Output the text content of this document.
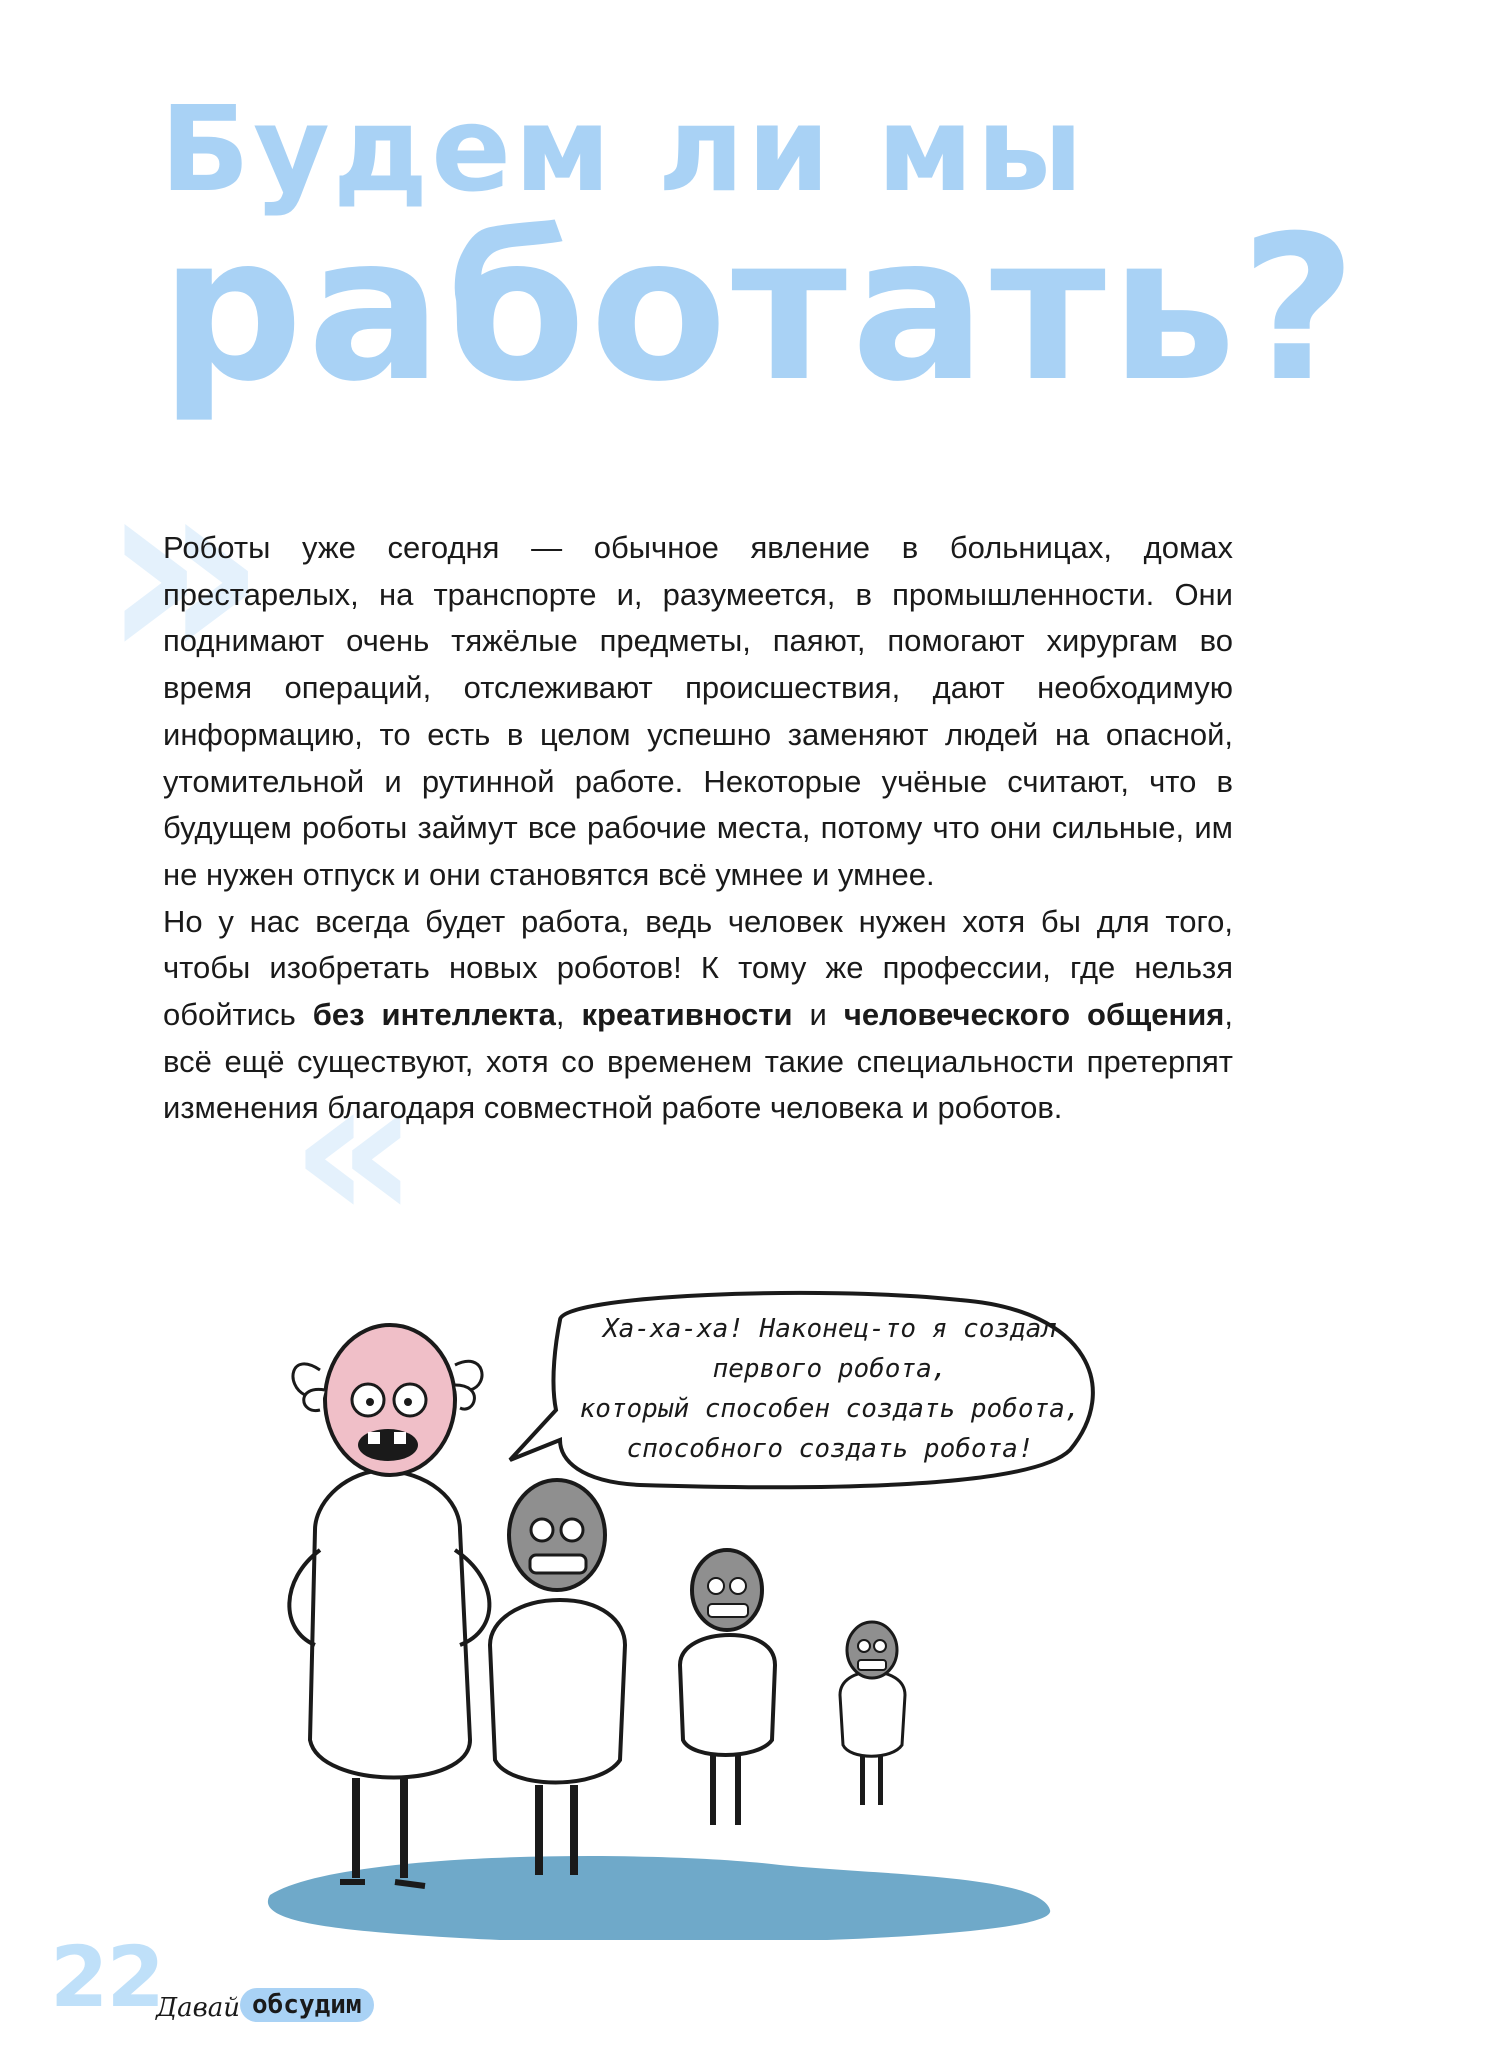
Будем ли мы
работать?
»
«

Роботы уже сегодня — обычное явление в больницах, домах престарелых, на транспорте и, разумеется, в промышленности. Они поднимают очень тяжёлые предметы, паяют, помогают хирургам во время операций, отслеживают происшествия, дают необходимую информацию, то есть в целом успешно заменяют людей на опасной, утомительной и рутинной работе. Некоторые учёные считают, что в будущем роботы займут все рабочие места, потому что они сильные, им не нужен отпуск и они становятся всё умнее и умнее.

Но у нас всегда будет работа, ведь человек нужен хотя бы для того, чтобы изобретать новых роботов! К тому же профессии, где нельзя обойтись без интеллекта, креативности и человеческого общения, всё ещё существуют, хотя со временем такие специальности претерпят изменения благодаря совместной работе человека и роботов.

Ха-ха-ха! Наконец-то я создал
первого робота,
который способен создать робота,
способного создать робота!
22
Давай обсудим
